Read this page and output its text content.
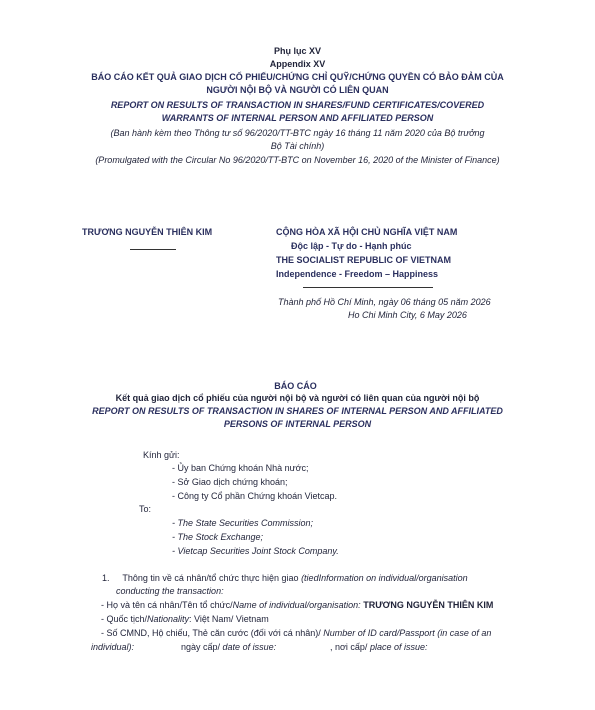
Phụ lục XV
Appendix XV
BÁO CÁO KẾT QUẢ GIAO DỊCH CỔ PHIẾU/CHỨNG CHỈ QUỸ/CHỨNG QUYỀN CÓ BẢO ĐẢM CỦA
NGƯỜI NỘI BỘ VÀ NGƯỜI CÓ LIÊN QUAN
REPORT ON RESULTS OF TRANSACTION IN SHARES/FUND CERTIFICATES/COVERED
WARRANTS OF INTERNAL PERSON AND AFFILIATED PERSON
(Ban hành kèm theo Thông tư số 96/2020/TT-BTC ngày 16 tháng 11 năm 2020 của Bộ trưởng
Bộ Tài chính)
(Promulgated with the Circular No 96/2020/TT-BTC on November 16, 2020 of the Minister of Finance)
TRƯƠNG NGUYỄN THIÊN KIM	CỘNG HÒA XÃ HỘI CHỦ NGHĨA VIỆT NAM
Độc lập - Tự do - Hạnh phúc
THE SOCIALIST REPUBLIC OF VIETNAM
Independence - Freedom – Happiness
Thành phố Hồ Chí Minh, ngày 06 tháng 05 năm 2026
Ho Chi Minh City, 6 May 2026
BÁO CÁO
Kết quả giao dịch cổ phiếu của người nội bộ và người có liên quan của người nội bộ
REPORT ON RESULTS OF TRANSACTION IN SHARES OF INTERNAL PERSON AND AFFILIATED
PERSONS OF INTERNAL PERSON
Kính gửi:
- Ủy ban Chứng khoán Nhà nước;
- Sở Giao dịch chứng khoán;
- Công ty Cổ phần Chứng khoán Vietcap.
To:
- The State Securities Commission;
- The Stock Exchange;
- Vietcap Securities Joint Stock Company.
1. Thông tin về cá nhân/tổ chức thực hiện giao (tiedInformation on individual/organisation
conducting the transaction:
- Họ và tên cá nhân/Tên tổ chức/Name of individual/organisation: TRƯƠNG NGUYỄN THIÊN KIM
- Quốc tịch/Nationality: Việt Nam/ Vietnam
- Số CMND, Hộ chiếu, Thẻ căn cước (đối với cá nhân)/ Number of ID card/Passport (in case of an
individual):	ngày cấp/ date of issue:	, nơi cấp/ place of issue:
